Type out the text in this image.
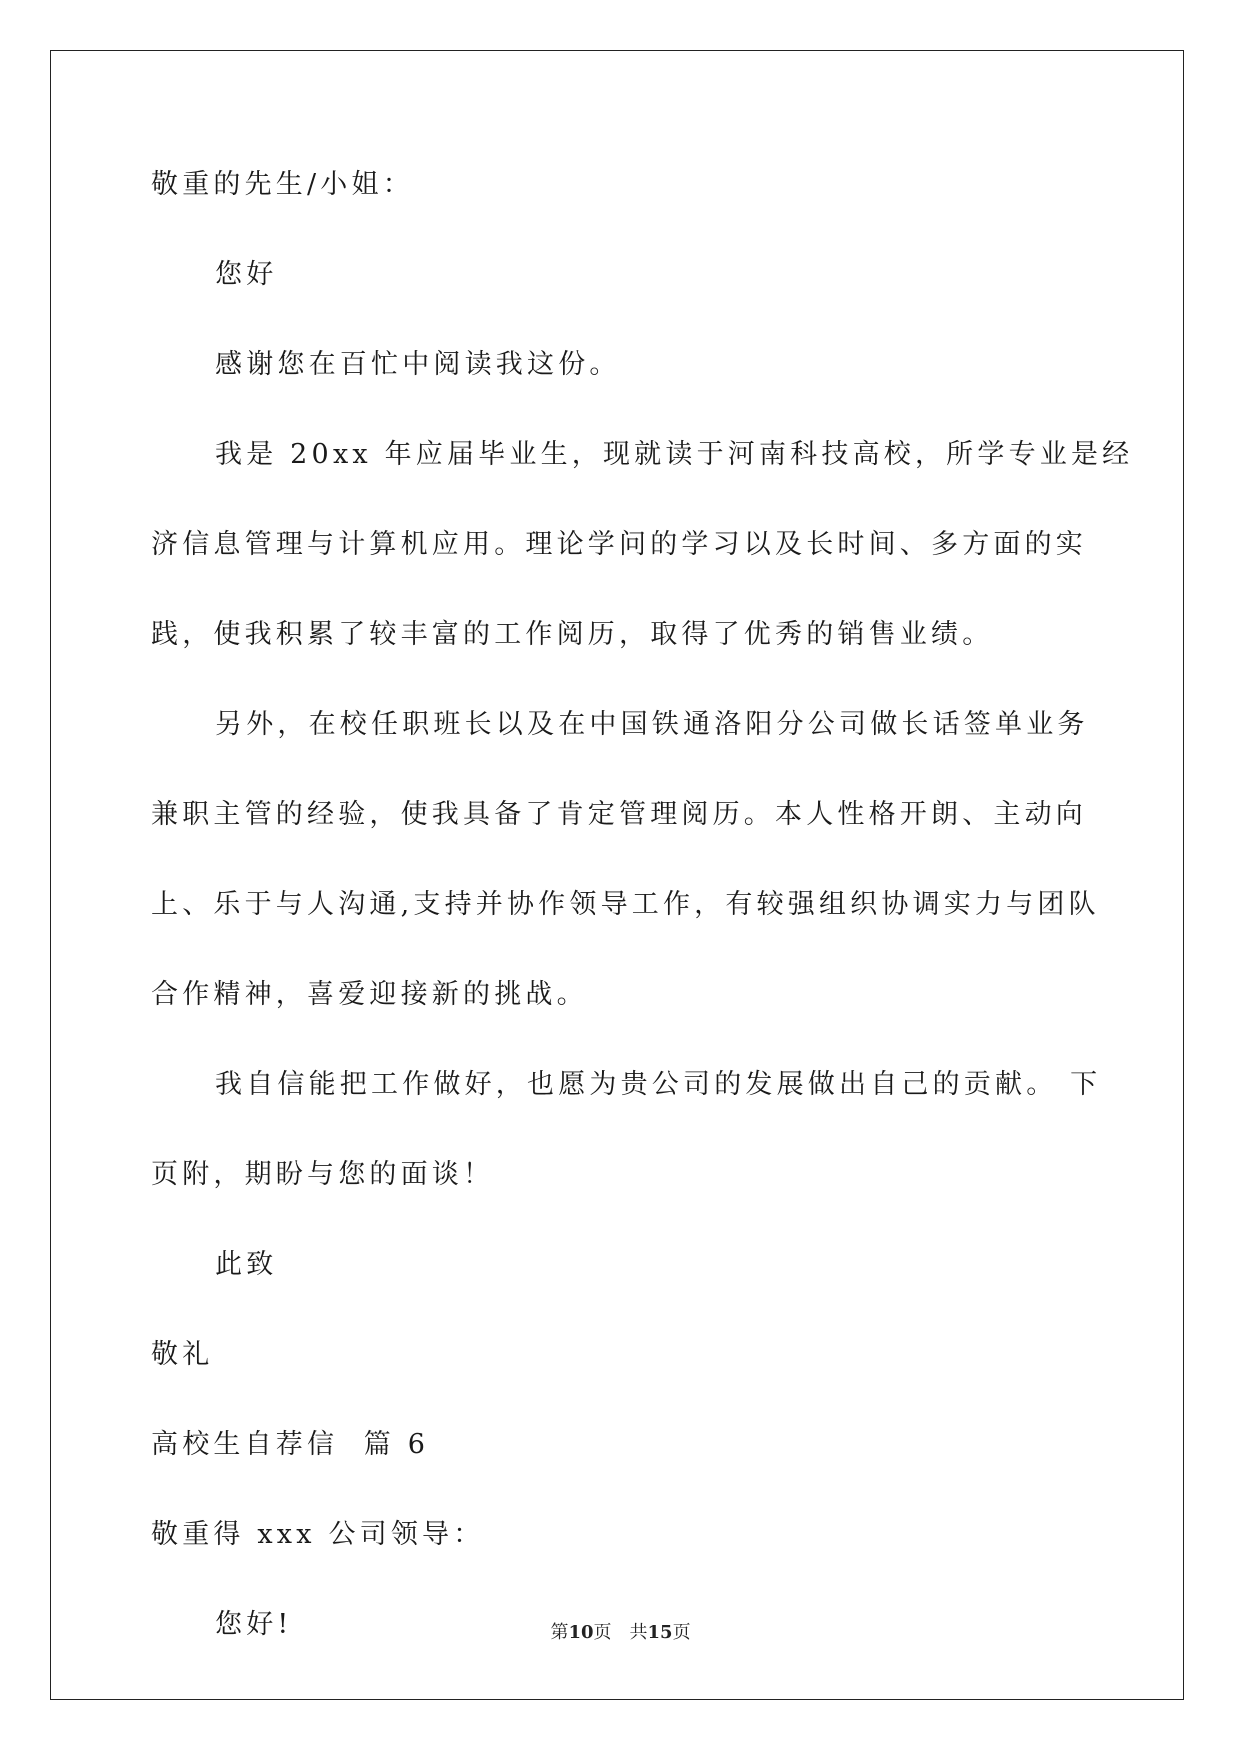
敬重的先生/小姐：

您好

感谢您在百忙中阅读我这份。

我是 20xx 年应届毕业生，现就读于河南科技高校，所学专业是经

济信息管理与计算机应用。理论学问的学习以及长时间、多方面的实

践，使我积累了较丰富的工作阅历，取得了优秀的销售业绩。

另外，在校任职班长以及在中国铁通洛阳分公司做长话签单业务

兼职主管的经验，使我具备了肯定管理阅历。本人性格开朗、主动向

上、乐于与人沟通,支持并协作领导工作，有较强组织协调实力与团队

合作精神，喜爱迎接新的挑战。

我自信能把工作做好，也愿为贵公司的发展做出自己的贡献。 下

页附，期盼与您的面谈！

此致

敬礼

高校生自荐信  篇 6

敬重得 xxx 公司领导：

您好!	第10页 共15页
